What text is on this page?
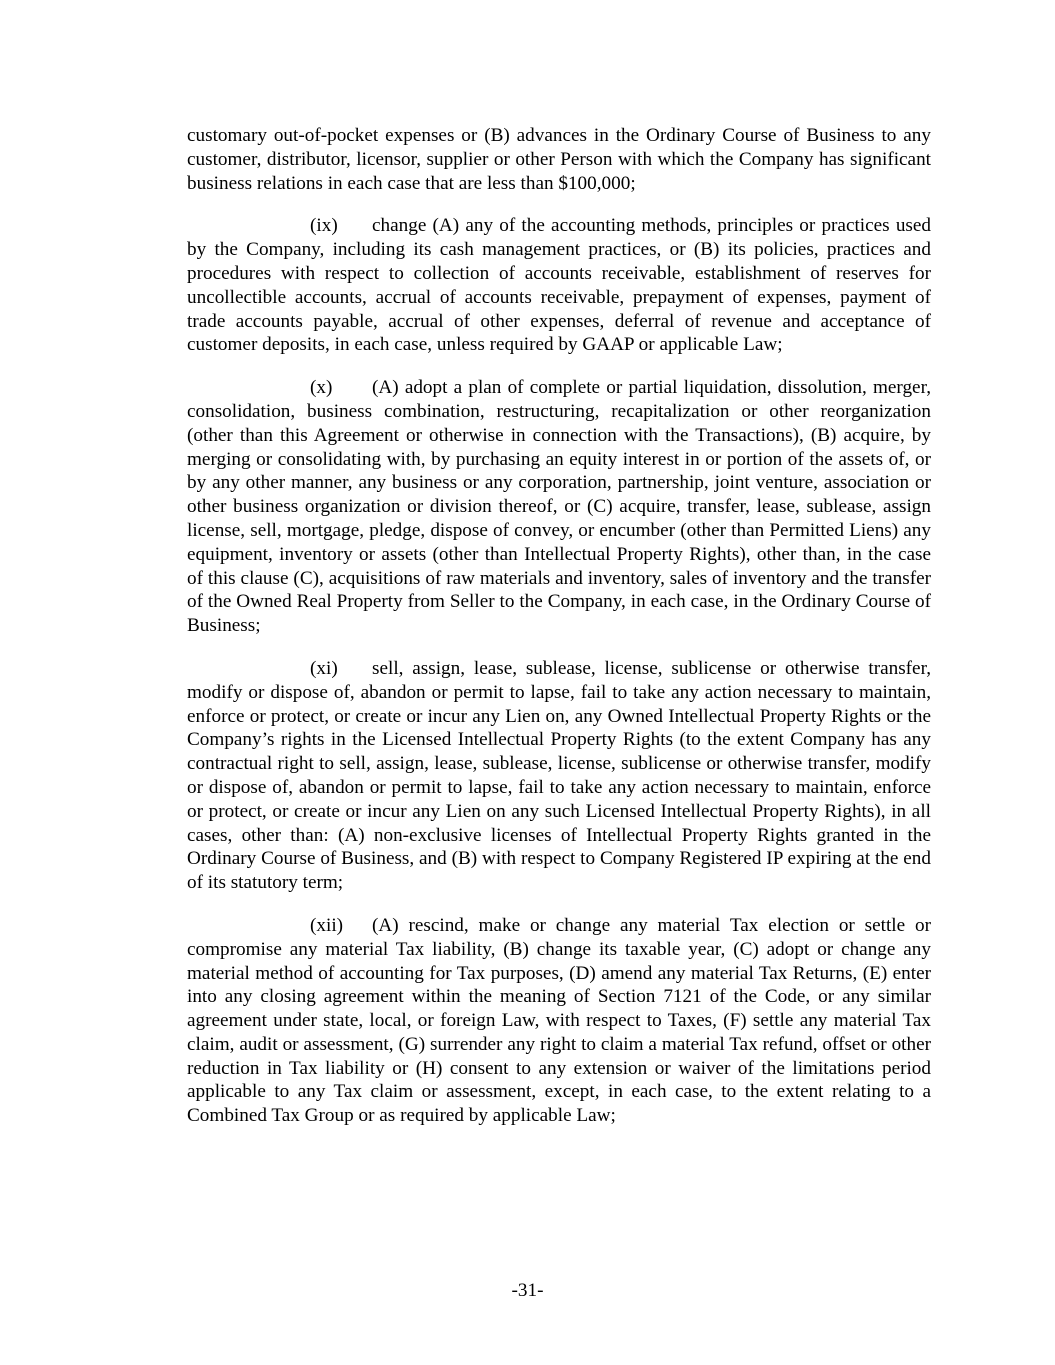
customary out-of-pocket expenses or (B) advances in the Ordinary Course of Business to any customer, distributor, licensor, supplier or other Person with which the Company has significant business relations in each case that are less than $100,000;

(ix) change (A) any of the accounting methods, principles or practices used by the Company, including its cash management practices, or (B) its policies, practices and procedures with respect to collection of accounts receivable, establishment of reserves for uncollectible accounts, accrual of accounts receivable, prepayment of expenses, payment of trade accounts payable, accrual of other expenses, deferral of revenue and acceptance of customer deposits, in each case, unless required by GAAP or applicable Law;

(x) (A) adopt a plan of complete or partial liquidation, dissolution, merger, consolidation, business combination, restructuring, recapitalization or other reorganization (other than this Agreement or otherwise in connection with the Transactions), (B) acquire, by merging or consolidating with, by purchasing an equity interest in or portion of the assets of, or by any other manner, any business or any corporation, partnership, joint venture, association or other business organization or division thereof, or (C) acquire, transfer, lease, sublease, assign license, sell, mortgage, pledge, dispose of convey, or encumber (other than Permitted Liens) any equipment, inventory or assets (other than Intellectual Property Rights), other than, in the case of this clause (C), acquisitions of raw materials and inventory, sales of inventory and the transfer of the Owned Real Property from Seller to the Company, in each case, in the Ordinary Course of Business;

(xi) sell, assign, lease, sublease, license, sublicense or otherwise transfer, modify or dispose of, abandon or permit to lapse, fail to take any action necessary to maintain, enforce or protect, or create or incur any Lien on, any Owned Intellectual Property Rights or the Company’s rights in the Licensed Intellectual Property Rights (to the extent Company has any contractual right to sell, assign, lease, sublease, license, sublicense or otherwise transfer, modify or dispose of, abandon or permit to lapse, fail to take any action necessary to maintain, enforce or protect, or create or incur any Lien on any such Licensed Intellectual Property Rights), in all cases, other than: (A) non-exclusive licenses of Intellectual Property Rights granted in the Ordinary Course of Business, and (B) with respect to Company Registered IP expiring at the end of its statutory term;

(xii) (A) rescind, make or change any material Tax election or settle or compromise any material Tax liability, (B) change its taxable year, (C) adopt or change any material method of accounting for Tax purposes, (D) amend any material Tax Returns, (E) enter into any closing agreement within the meaning of Section 7121 of the Code, or any similar agreement under state, local, or foreign Law, with respect to Taxes, (F) settle any material Tax claim, audit or assessment, (G) surrender any right to claim a material Tax refund, offset or other reduction in Tax liability or (H) consent to any extension or waiver of the limitations period applicable to any Tax claim or assessment, except, in each case, to the extent relating to a Combined Tax Group or as required by applicable Law;

-31-
